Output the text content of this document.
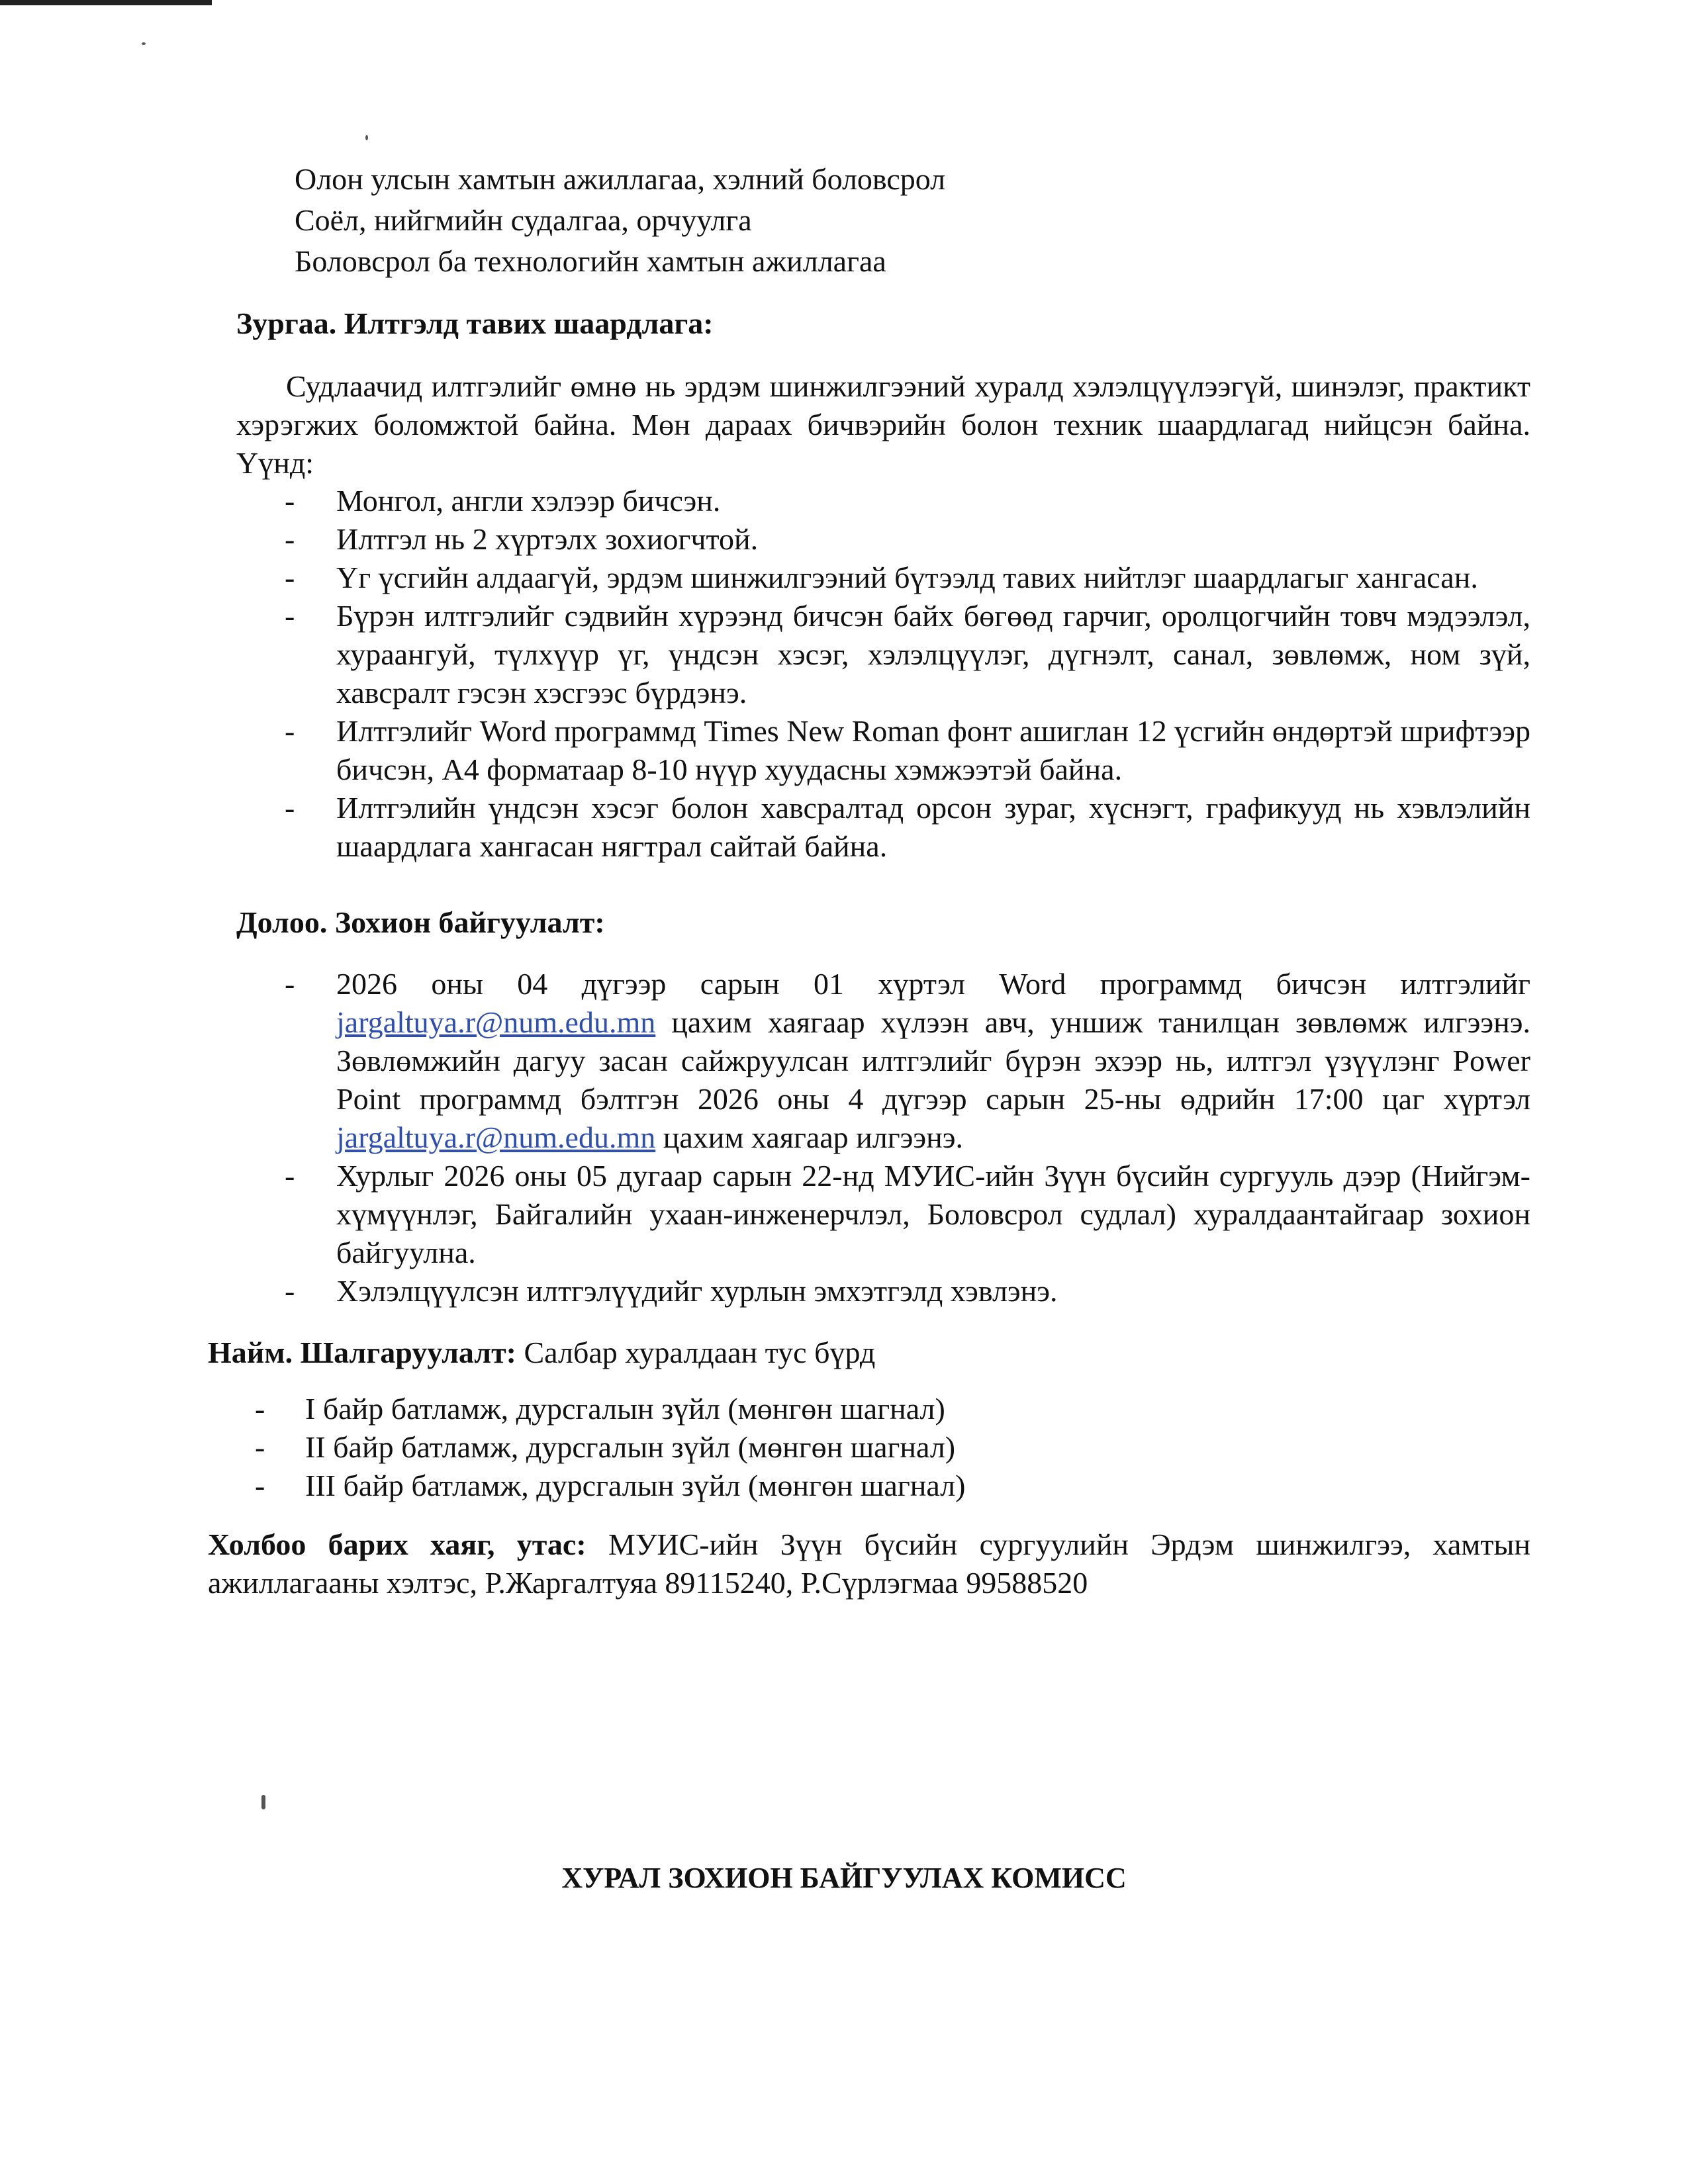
Олон улсын хамтын ажиллагаа, хэлний боловсрол
Соёл, нийгмийн судалгаа, орчуулга
Боловсрол ба технологийн хамтын ажиллагаа
Зургаа. Илтгэлд тавих шаардлага:
Судлаачид илтгэлийг өмнө нь эрдэм шинжилгээний хуралд хэлэлцүүлээгүй, шинэлэг, практикт хэрэгжих боломжтой байна. Мөн дараах бичвэрийн болон техник шаардлагад нийцсэн байна. Үүнд:
- Монгол, англи хэлээр бичсэн.
- Илтгэл нь 2 хүртэлх зохиогчтой.
- Үг үсгийн алдаагүй, эрдэм шинжилгээний бүтээлд тавих нийтлэг шаардлагыг хангасан.
- Бүрэн илтгэлийг сэдвийн хүрээнд бичсэн байх бөгөөд гарчиг, оролцогчийн товч мэдээлэл, хураангуй, түлхүүр үг, үндсэн хэсэг, хэлэлцүүлэг, дүгнэлт, санал, зөвлөмж, ном зүй, хавсралт гэсэн хэсгээс бүрдэнэ.
- Илтгэлийг Word программд Times New Roman фонт ашиглан 12 үсгийн өндөртэй шрифтээр бичсэн, А4 форматаар 8-10 нүүр хуудасны хэмжээтэй байна.
- Илтгэлийн үндсэн хэсэг болон хавсралтад орсон зураг, хүснэгт, графикууд нь хэвлэлийн шаардлага хангасан нягтрал сайтай байна.
Долоо. Зохион байгуулалт:
- 2026 оны 04 дүгээр сарын 01 хүртэл Word программд бичсэн илтгэлийг jargaltuya.r@num.edu.mn цахим хаягаар хүлээн авч, уншиж танилцан зөвлөмж илгээнэ. Зөвлөмжийн дагуу засан сайжруулсан илтгэлийг бүрэн эхээр нь, илтгэл үзүүлэнг Power Point программд бэлтгэн 2026 оны 4 дүгээр сарын 25-ны өдрийн 17:00 цаг хүртэл jargaltuya.r@num.edu.mn цахим хаягаар илгээнэ.
- Хурлыг 2026 оны 05 дугаар сарын 22-нд МУИС-ийн Зүүн бүсийн сургууль дээр (Нийгэм-хүмүүнлэг, Байгалийн ухаан-инженерчлэл, Боловсрол судлал) хуралдаантайгаар зохион байгуулна.
- Хэлэлцүүлсэн илтгэлүүдийг хурлын эмхэтгэлд хэвлэнэ.
Найм. Шалгаруулалт: Салбар хуралдаан тус бүрд
- I байр батламж, дурсгалын зүйл (мөнгөн шагнал)
- II байр батламж, дурсгалын зүйл (мөнгөн шагнал)
- III байр батламж, дурсгалын зүйл (мөнгөн шагнал)
Холбоо барих хаяг, утас: МУИС-ийн Зүүн бүсийн сургуулийн Эрдэм шинжилгээ, хамтын ажиллагааны хэлтэс, Р.Жаргалтуяа 89115240, Р.Сүрлэгмаа 99588520
ХУРАЛ ЗОХИОН БАЙГУУЛАХ КОМИСС
